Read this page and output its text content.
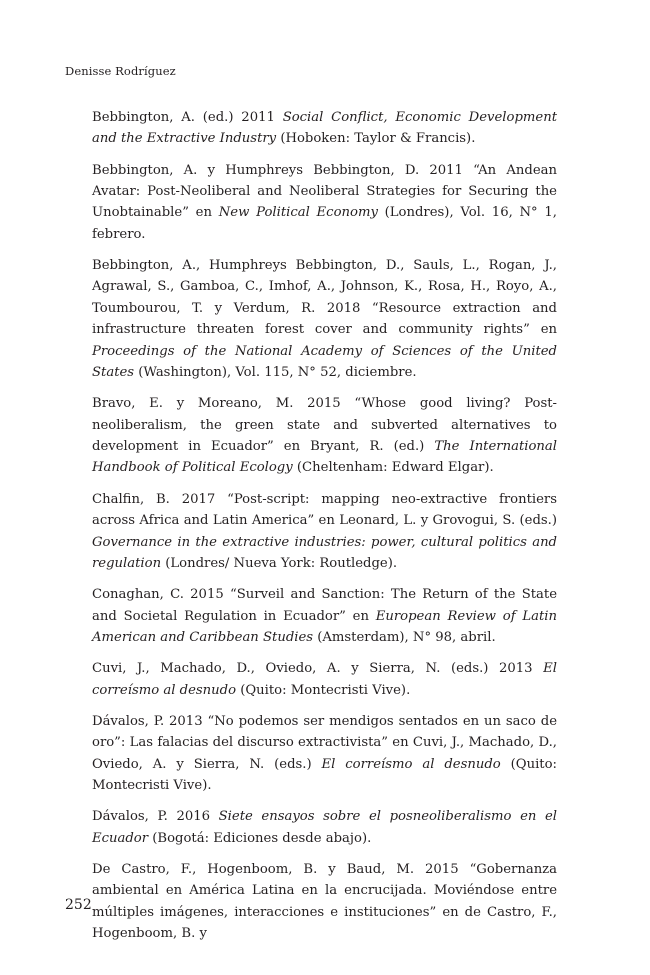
Denisse Rodríguez

Bebbington, A. (ed.) 2011 Social Conflict, Economic Development and the Extractive Industry (Hoboken: Taylor & Francis).

Bebbington, A. y Humphreys Bebbington, D. 2011 “An Andean Avatar: Post-Neoliberal and Neoliberal Strategies for Securing the Unobtainable” en New Political Economy (Londres), Vol. 16, N° 1, febrero.

Bebbington, A., Humphreys Bebbington, D., Sauls, L., Rogan, J., Agrawal, S., Gamboa, C., Imhof, A., Johnson, K., Rosa, H., Royo, A., Toumbourou, T. y Verdum, R. 2018 “Resource extraction and infrastructure threaten forest cover and community rights” en Proceedings of the National Academy of Sciences of the United States (Washington), Vol. 115, N° 52, diciembre.

Bravo, E. y Moreano, M. 2015 “Whose good living? Post-neoliberalism, the green state and subverted alternatives to development in Ecuador” en Bryant, R. (ed.) The International Handbook of Political Ecology (Cheltenham: Edward Elgar).

Chalfin, B. 2017 “Post-script: mapping neo-extractive frontiers across Africa and Latin America” en Leonard, L. y Grovogui, S. (eds.) Governance in the extractive industries: power, cultural politics and regulation (Londres/ Nueva York: Routledge).

Conaghan, C. 2015 “Surveil and Sanction: The Return of the State and Societal Regulation in Ecuador” en European Review of Latin American and Caribbean Studies (Amsterdam), N° 98, abril.

Cuvi, J., Machado, D., Oviedo, A. y Sierra, N. (eds.) 2013 El correísmo al desnudo (Quito: Montecristi Vive).

Dávalos, P. 2013 “No podemos ser mendigos sentados en un saco de oro”: Las falacias del discurso extractivista” en Cuvi, J., Machado, D., Oviedo, A. y Sierra, N. (eds.) El correísmo al desnudo (Quito: Montecristi Vive).

Dávalos, P. 2016 Siete ensayos sobre el posneoliberalismo en el Ecuador (Bogotá: Ediciones desde abajo).

De Castro, F., Hogenboom, B. y Baud, M. 2015 “Gobernanza ambiental en América Latina en la encrucijada. Moviéndose entre múltiples imágenes, interacciones e instituciones” en de Castro, F., Hogenboom, B. y

252
